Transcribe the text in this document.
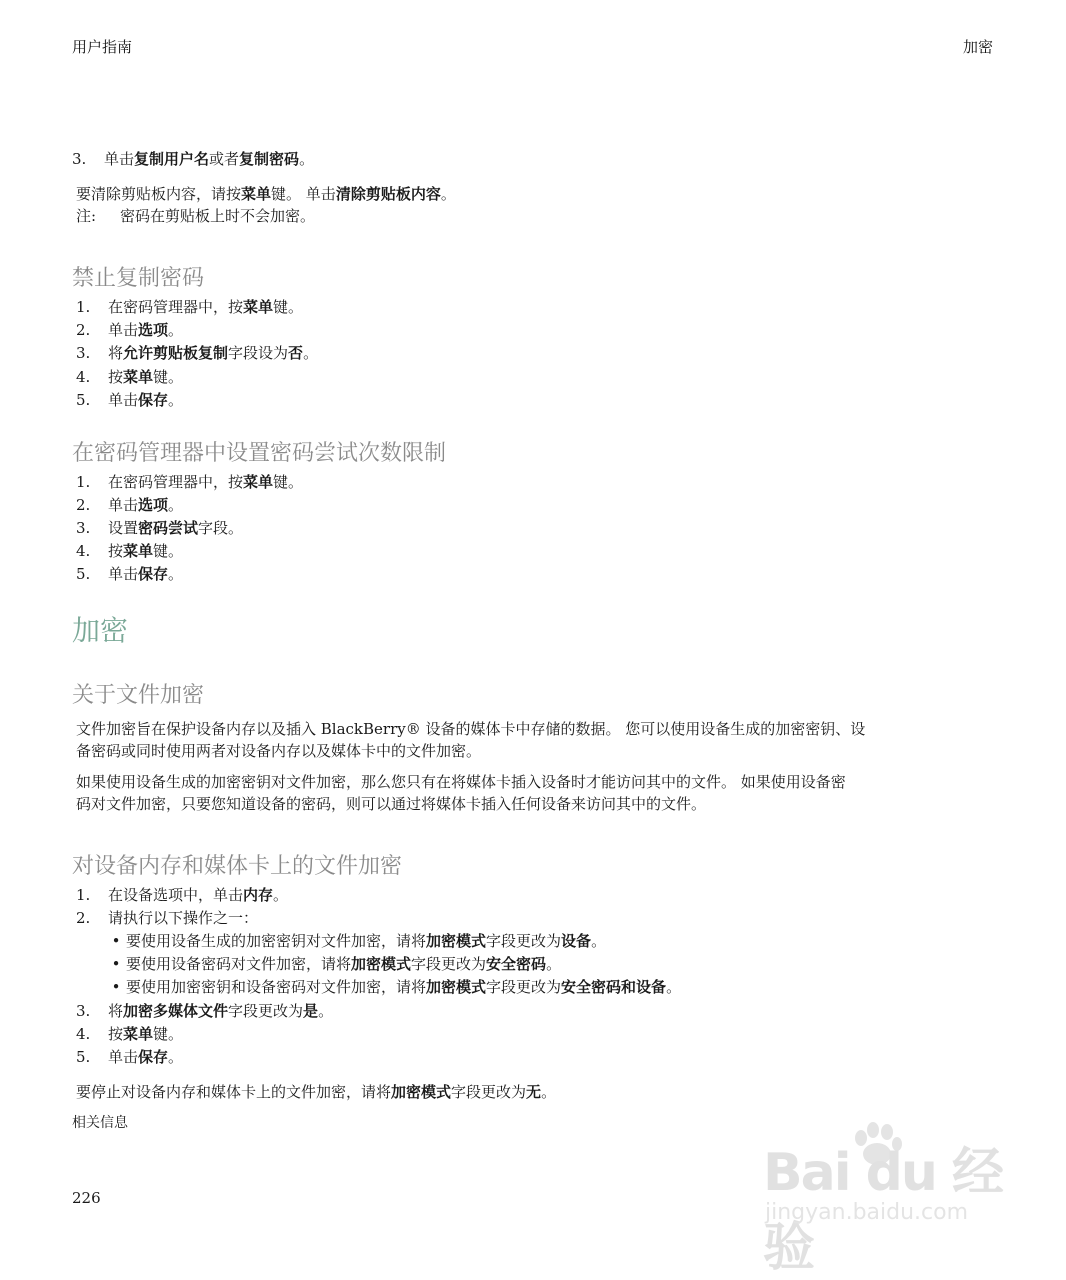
用户指南	加密
3. 单击复制用户名或者复制密码。
要清除剪贴板内容，请按菜单键。 单击清除剪贴板内容。
注: 密码在剪贴板上时不会加密。
禁止复制密码
1. 在密码管理器中，按菜单键。
2. 单击选项。
3. 将允许剪贴板复制字段设为否。
4. 按菜单键。
5. 单击保存。
在密码管理器中设置密码尝试次数限制
1. 在密码管理器中，按菜单键。
2. 单击选项。
3. 设置密码尝试字段。
4. 按菜单键。
5. 单击保存。
加密
关于文件加密
文件加密旨在保护设备内存以及插入 BlackBerry® 设备的媒体卡中存储的数据。 您可以使用设备生成的加密密钥、设
备密码或同时使用两者对设备内存以及媒体卡中的文件加密。
如果使用设备生成的加密密钥对文件加密，那么您只有在将媒体卡插入设备时才能访问其中的文件。 如果使用设备密
码对文件加密，只要您知道设备的密码，则可以通过将媒体卡插入任何设备来访问其中的文件。
对设备内存和媒体卡上的文件加密
1. 在设备选项中，单击内存。
2. 请执行以下操作之一：
• 要使用设备生成的加密密钥对文件加密，请将加密模式字段更改为设备。
• 要使用设备密码对文件加密，请将加密模式字段更改为安全密码。
• 要使用加密密钥和设备密码对文件加密，请将加密模式字段更改为安全密码和设备。
3. 将加密多媒体文件字段更改为是。
4. 按菜单键。
5. 单击保存。
要停止对设备内存和媒体卡上的文件加密，请将加密模式字段更改为无。
相关信息
226	Bai du 经验
jingyan.baidu.com
